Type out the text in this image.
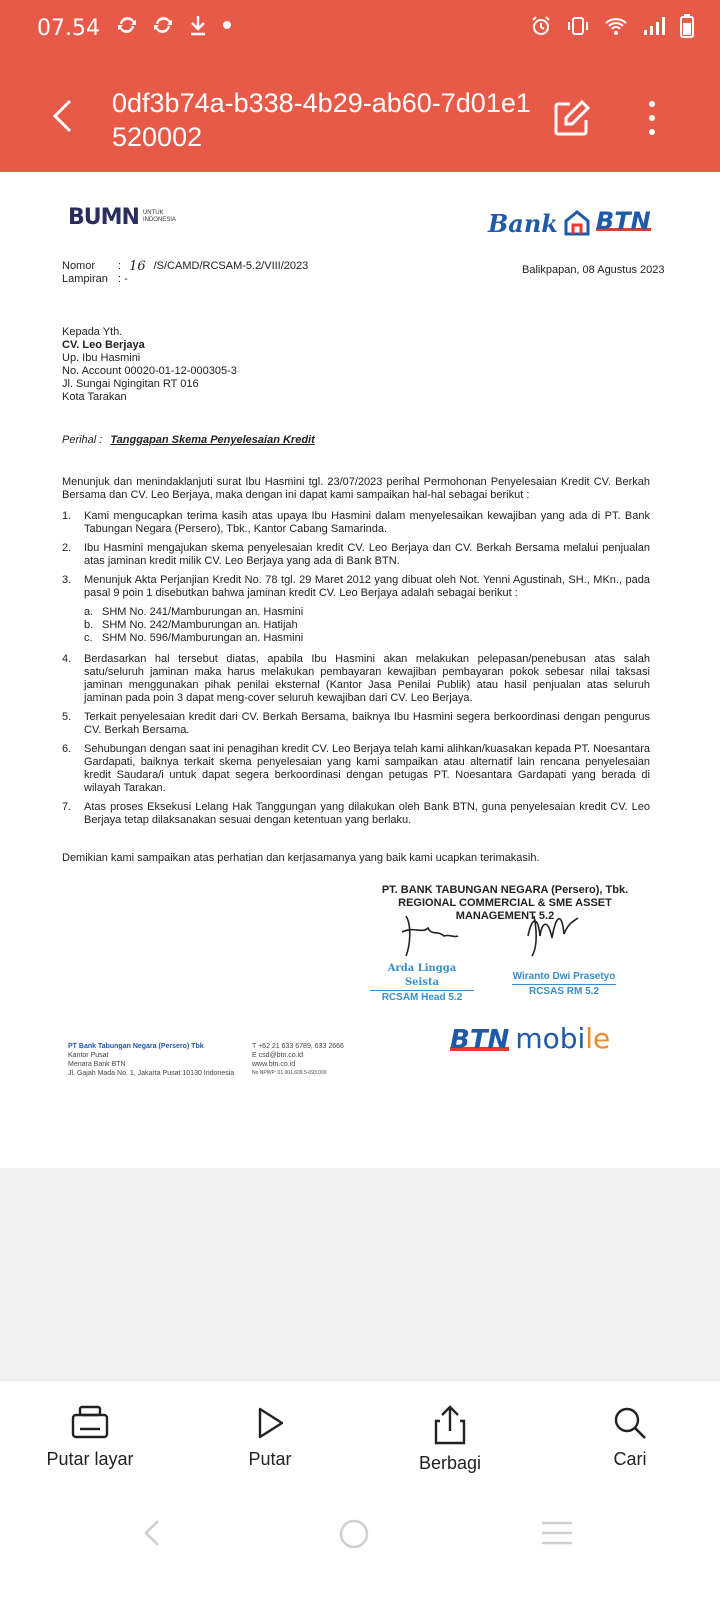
07.54
0df3b74a-b338-4b29-ab60-7d01e1520002
BUMN UNTUK
INDONESIA	Bank BTN
Nomor	: 16 /S/CAMD/RCSAM-5.2/VIII/2023
Lampiran : -
Balikpapan, 08 Agustus 2023
Kepada Yth.
CV. Leo Berjaya
Up. Ibu Hasmini
No. Account 00020-01-12-000305-3
Jl. Sungai Ngingitan RT 016
Kota Tarakan
Perihal : Tanggapan Skema Penyelesaian Kredit
Menunjuk dan menindaklanjuti surat Ibu Hasmini tgl. 23/07/2023 perihal Permohonan Penyelesaian Kredit CV. Berkah Bersama dan CV. Leo Berjaya, maka dengan ini dapat kami sampaikan hal-hal sebagai berikut :
1.	Kami mengucapkan terima kasih atas upaya Ibu Hasmini dalam menyelesaikan kewajiban yang ada di PT. Bank Tabungan Negara (Persero), Tbk., Kantor Cabang Samarinda.
2.	Ibu Hasmini mengajukan skema penyelesaian kredit CV. Leo Berjaya dan CV. Berkah Bersama melalui penjualan atas jaminan kredit milik CV. Leo Berjaya yang ada di Bank BTN.
3.	Menunjuk Akta Perjanjian Kredit No. 78 tgl. 29 Maret 2012 yang dibuat oleh Not. Yenni Agustinah, SH., MKn., pada pasal 9 poin 1 disebutkan bahwa jaminan kredit CV. Leo Berjaya adalah sebagai berikut :
a. SHM No. 241/Mamburungan an. Hasmini
b. SHM No. 242/Mamburungan an. Hatijah
c. SHM No. 596/Mamburungan an. Hasmini
4.	Berdasarkan hal tersebut diatas, apabila Ibu Hasmini akan melakukan pelepasan/penebusan atas salah satu/seluruh jaminan maka harus melakukan pembayaran kewajiban pembayaran pokok sebesar nilai taksasi jaminan menggunakan pihak penilai eksternal (Kantor Jasa Penilai Publik) atau hasil penjualan atas seluruh jaminan pada poin 3 dapat meng-cover seluruh kewajiban dari CV. Leo Berjaya.
5.	Terkait penyelesaian kredit dari CV. Berkah Bersama, baiknya Ibu Hasmini segera berkoordinasi dengan pengurus CV. Berkah Bersama.
6.	Sehubungan dengan saat ini penagihan kredit CV. Leo Berjaya telah kami alihkan/kuasakan kepada PT. Noesantara Gardapati, baiknya terkait skema penyelesaian yang kami sampaikan atau alternatif lain rencana penyelesaian kredit Saudara/i untuk dapat segera berkoordinasi dengan petugas PT. Noesantara Gardapati yang berada di wilayah Tarakan.
7.	Atas proses Eksekusi Lelang Hak Tanggungan yang dilakukan oleh Bank BTN, guna penyelesaian kredit CV. Leo Berjaya tetap dilaksanakan sesuai dengan ketentuan yang berlaku.
Demikian kami sampaikan atas perhatian dan kerjasamanya yang baik kami ucapkan terimakasih.
PT. BANK TABUNGAN NEGARA (Persero), Tbk.
REGIONAL COMMERCIAL & SME ASSET MANAGEMENT 5.2
Arda Lingga Seista
RCSAM Head 5.2
Wiranto Dwi Prasetyo
RCSAS RM 5.2
PT Bank Tabungan Negara (Persero) Tbk
Kantor Pusat
Menara Bank BTN
Jl. Gajah Mada No. 1, Jakarta Pusat 10130 Indonesia
T +62 21 633 6789, 633 2666
E csd@btn.co.id
www.btn.co.id
No NPWP: 01.001.609.5-093.000
BTN mobile
Putar layar	Putar	Berbagi	Cari
